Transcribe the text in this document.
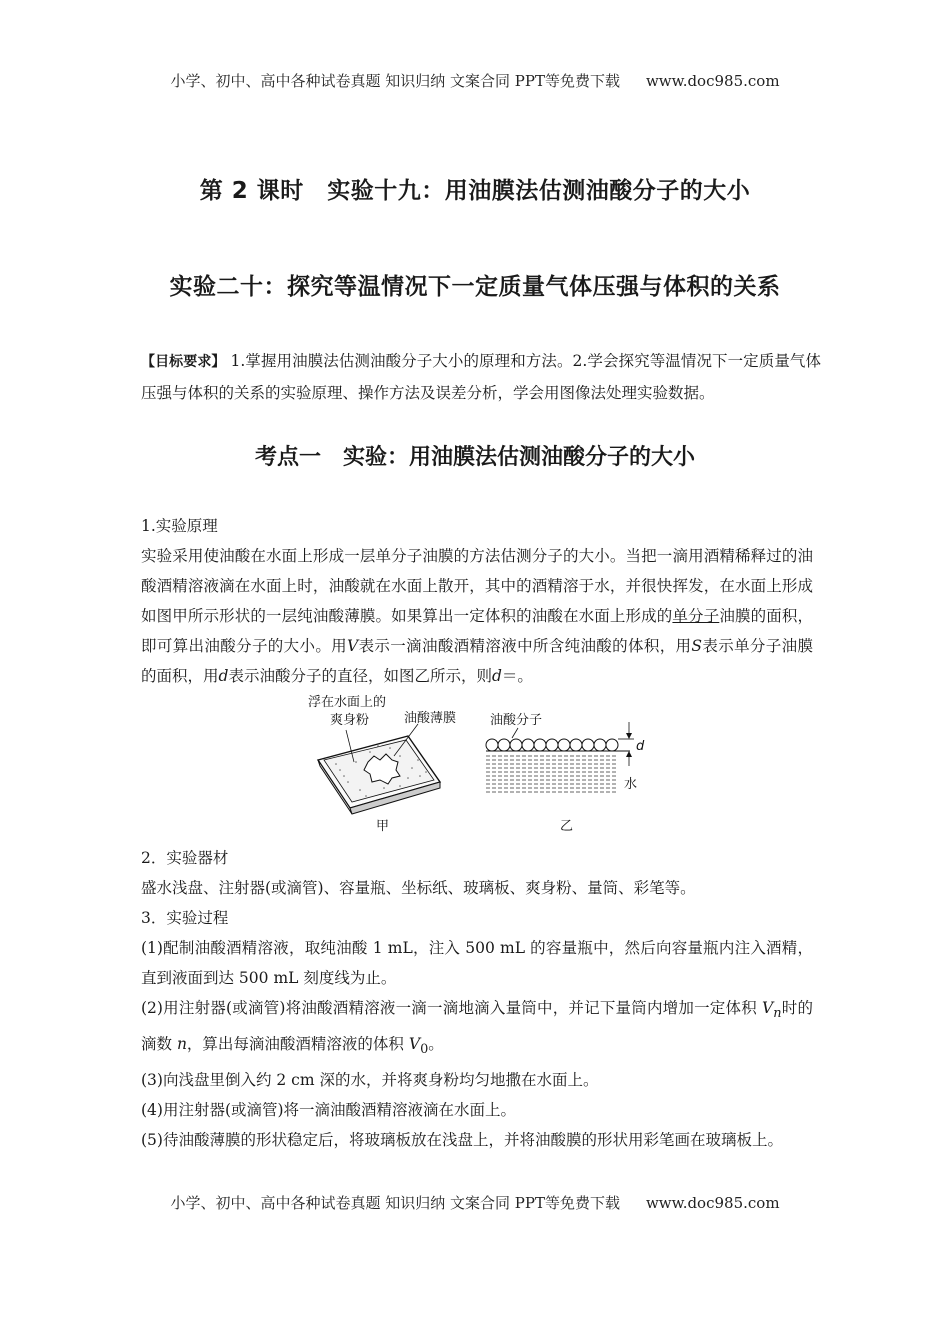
小学、初中、高中各种试卷真题 知识归纳 文案合同 PPT等免费下载 www.doc985.com
第 2 课时　实验十九：用油膜法估测油酸分子的大小
实验二十：探究等温情况下一定质量气体压强与体积的关系
【目标要求】 1.掌握用油膜法估测油酸分子大小的原理和方法。2.学会探究等温情况下一定质量气体压强与体积的关系的实验原理、操作方法及误差分析，学会用图像法处理实验数据。
考点一　实验：用油膜法估测油酸分子的大小
1.实验原理
实验采用使油酸在水面上形成一层单分子油膜的方法估测分子的大小。当把一滴用酒精稀释过的油酸酒精溶液滴在水面上时，油酸就在水面上散开，其中的酒精溶于水，并很快挥发，在水面上形成如图甲所示形状的一层纯油酸薄膜。如果算出一定体积的油酸在水面上形成的单分子油膜的面积，即可算出油酸分子的大小。用V表示一滴油酸酒精溶液中所含纯油酸的体积，用S表示单分子油膜的面积，用d表示油酸分子的直径，如图乙所示，则d＝。
浮在水面上的
爽身粉	油酸薄膜
甲
油酸分子
d
水
乙
2．实验器材
盛水浅盘、注射器(或滴管)、容量瓶、坐标纸、玻璃板、爽身粉、量筒、彩笔等。
3．实验过程
(1)配制油酸酒精溶液，取纯油酸 1 mL，注入 500 mL 的容量瓶中，然后向容量瓶内注入酒精，直到液面到达 500 mL 刻度线为止。
(2)用注射器(或滴管)将油酸酒精溶液一滴一滴地滴入量筒中，并记下量筒内增加一定体积 $V_n$时的滴数 n，算出每滴油酸酒精溶液的体积 $V_0$。
(3)向浅盘里倒入约 2 cm 深的水，并将爽身粉均匀地撒在水面上。
(4)用注射器(或滴管)将一滴油酸酒精溶液滴在水面上。
(5)待油酸薄膜的形状稳定后，将玻璃板放在浅盘上，并将油酸膜的形状用彩笔画在玻璃板上。
小学、初中、高中各种试卷真题 知识归纳 文案合同 PPT等免费下载 www.doc985.com
